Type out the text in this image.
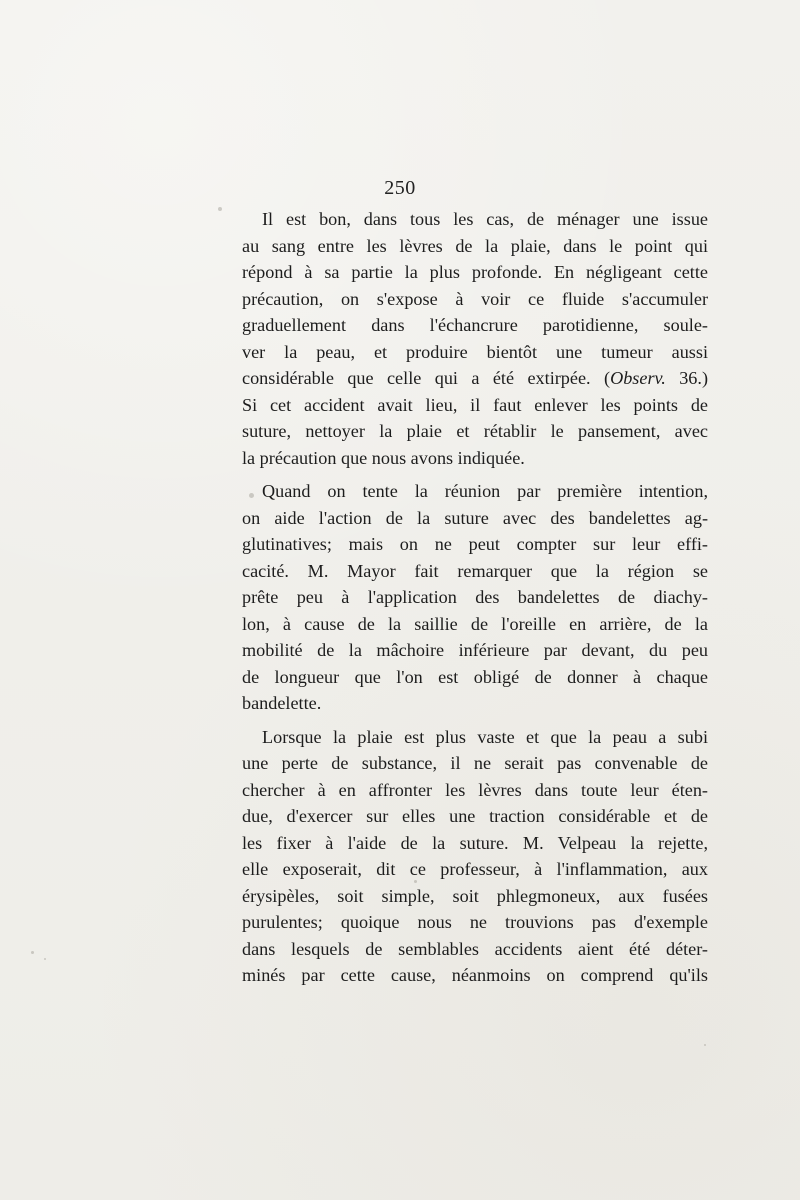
250
Il est bon, dans tous les cas, de ménager une issue
au sang entre les lèvres de la plaie, dans le point qui
répond à sa partie la plus profonde. En négligeant cette
précaution, on s'expose à voir ce fluide s'accumuler
graduellement dans l'échancrure parotidienne, soule-
ver la peau, et produire bientôt une tumeur aussi
considérable que celle qui a été extirpée. (Observ. 36.)
Si cet accident avait lieu, il faut enlever les points de
suture, nettoyer la plaie et rétablir le pansement, avec
la précaution que nous avons indiquée.
Quand on tente la réunion par première intention,
on aide l'action de la suture avec des bandelettes ag-
glutinatives; mais on ne peut compter sur leur effi-
cacité. M. Mayor fait remarquer que la région se
prête peu à l'application des bandelettes de diachy-
lon, à cause de la saillie de l'oreille en arrière, de la
mobilité de la mâchoire inférieure par devant, du peu
de longueur que l'on est obligé de donner à chaque
bandelette.
Lorsque la plaie est plus vaste et que la peau a subi
une perte de substance, il ne serait pas convenable de
chercher à en affronter les lèvres dans toute leur éten-
due, d'exercer sur elles une traction considérable et de
les fixer à l'aide de la suture. M. Velpeau la rejette,
elle exposerait, dit ce professeur, à l'inflammation, aux
érysipèles, soit simple, soit phlegmoneux, aux fusées
purulentes; quoique nous ne trouvions pas d'exemple
dans lesquels de semblables accidents aient été déter-
minés par cette cause, néanmoins on comprend qu'ils
